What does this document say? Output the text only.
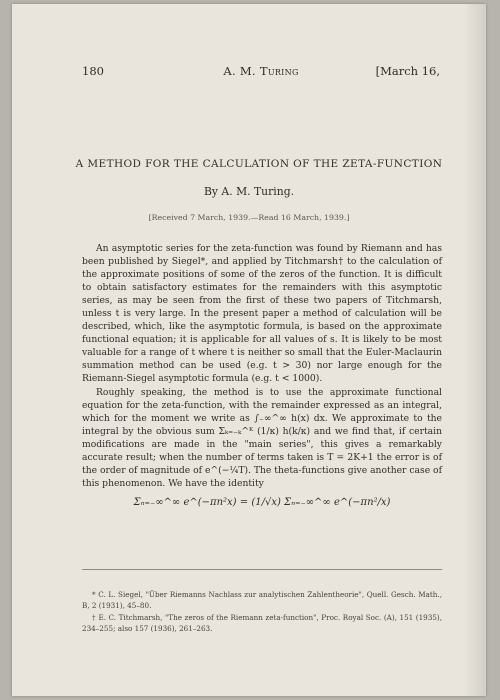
180	A. M. Turing	[March 16,
A METHOD FOR THE CALCULATION OF THE ZETA-FUNCTION
By A. M. Turing.
[Received 7 March, 1939.—Read 16 March, 1939.]

An asymptotic series for the zeta-function was found by Riemann and has been published by Siegel*, and applied by Titchmarsh† to the calculation of the approximate positions of some of the zeros of the function. It is difficult to obtain satisfactory estimates for the remainders with this asymptotic series, as may be seen from the first of these two papers of Titchmarsh, unless t is very large. In the present paper a method of calculation will be described, which, like the asymptotic formula, is based on the approximate functional equation; it is applicable for all values of s. It is likely to be most valuable for a range of t where t is neither so small that the Euler-Maclaurin summation method can be used (e.g. t > 30) nor large enough for the Riemann-Siegel asymptotic formula (e.g. t < 1000).

Roughly speaking, the method is to use the approximate functional equation for the zeta-function, with the remainder expressed as an integral, which for the moment we write as ∫₋∞^∞ h(x) dx. We approximate to the integral by the obvious sum Σₖ₌₋ₖ^ᴷ (1/κ) h(k/κ) and we find that, if certain modifications are made in the "main series", this gives a remarkably accurate result; when the number of terms taken is T = 2K+1 the error is of the order of magnitude of e^(−¼T). The theta-functions give another case of this phenomenon. We have the identity

Σₙ₌₋∞^∞ e^(−πn²x) = (1/√x) Σₙ₌₋∞^∞ e^(−πn²/x)

* C. L. Siegel, "Über Riemanns Nachlass zur analytischen Zahlentheorie", Quell. Gesch. Math., B, 2 (1931), 45–80.

† E. C. Titchmarsh, "The zeros of the Riemann zeta-function", Proc. Royal Soc. (A), 151 (1935), 234–255; also 157 (1936), 261–263.
